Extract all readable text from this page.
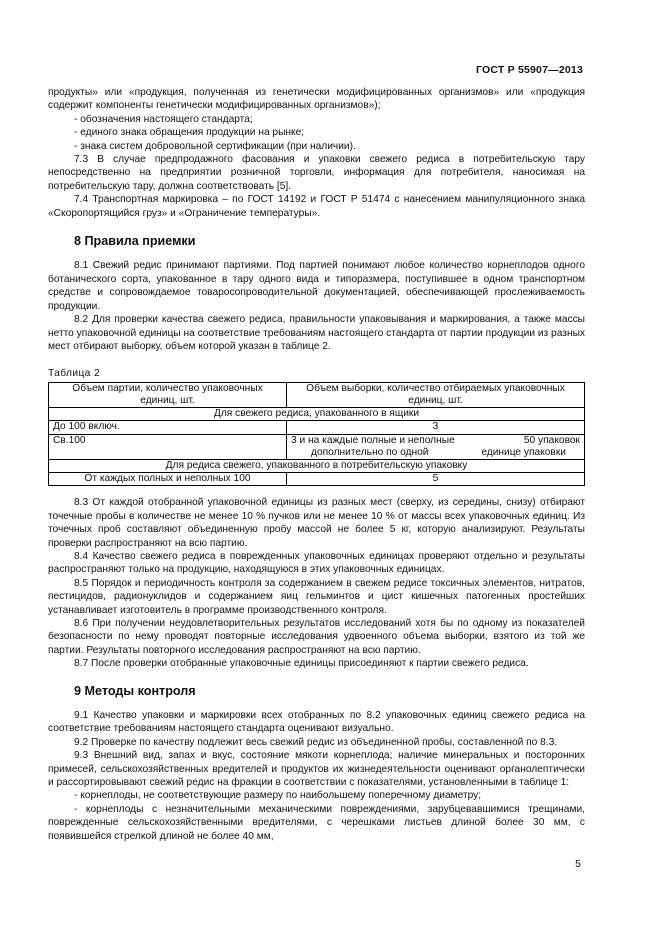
ГОСТ Р 55907—2013

продукты» или «продукция, полученная из генетически модифицированных организмов» или «продукция содержит компоненты генетически модифицированных организмов»);

- обозначения настоящего стандарта;

- единого знака обращения продукции на рынке;

- знака систем добровольной сертификации (при наличии).

7.3 В случае предпродажного фасования и упаковки свежего редиса в потребительскую тару непосредственно на предприятии розничной торговли, информация для потребителя, наносимая на потребительскую тару, должна соответствовать [5].

7.4 Транспортная маркировка – по ГОСТ 14192 и ГОСТ Р 51474 с нанесением манипуляционного знака «Скоропортящийся груз» и «Ограничение температуры».

8 Правила приемки

8.1 Свежий редис принимают партиями. Под партией понимают любое количество корнеплодов одного ботанического сорта, упакованное в тару одного вида и типоразмера, поступившее в одном транспортном средстве и сопровождаемое товаросопроводительной документацией, обеспечивающей прослеживаемость продукции.

8.2 Для проверки качества свежего редиса, правильности упаковывания и маркирования, а также массы нетто упаковочной единицы на соответствие требованиям настоящего стандарта от партии продукции из разных мест отбирают выборку, объем которой указан в таблице 2.

Таблица 2
Объем партии, количество упаковочных единиц, шт.	Объем выборки, количество отбираемых упаковочных единиц, шт.
Для свежего редиса, упакованного в ящики	
До 100 включ.	3
Св.100	3 и на каждые полные и неполные 50 упаковок
дополнительно по одной единице упаковки

Для редиса свежего, упакованного в потребительскую упаковку	
От каждых полных и неполных 100	5

8.3 От каждой отобранной упаковочной единицы из разных мест (сверху, из середины, снизу) отбирают точечные пробы в количестве не менее 10 % пучков или не менее 10 % от массы всех упаковочных единиц. Из точечных проб составляют объединенную пробу массой не более 5 кг, которую анализируют. Результаты проверки распространяют на всю партию.

8.4 Качество свежего редиса в поврежденных упаковочных единицах проверяют отдельно и результаты распространяют только на продукцию, находящуюся в этих упаковочных единицах.

8.5 Порядок и периодичность контроля за содержанием в свежем редисе токсичных элементов, нитратов, пестицидов, радионуклидов и содержанием яиц гельминтов и цист кишечных патогенных простейших устанавливает изготовитель в программе производственного контроля.

8.6 При получении неудовлетворительных результатов исследований хотя бы по одному из показателей безопасности по нему проводят повторные исследования удвоенного объема выборки, взятого из той же партии. Результаты повторного исследования распространяют на всю партию.

8.7 После проверки отобранные упаковочные единицы присоединяют к партии свежего редиса.

9 Методы контроля

9.1 Качество упаковки и маркировки всех отобранных по 8.2 упаковочных единиц свежего редиса на соответствие требованиям настоящего стандарта оценивают визуально.

9.2 Проверке по качеству подлежит весь свежий редис из объединенной пробы, составленной по 8.3.

9.3 Внешний вид, запах и вкус, состояние мякоти корнеплода; наличие минеральных и посторонних примесей, сельскохозяйственных вредителей и продуктов их жизнедеятельности оценивают органолептически и рассортировывают свежий редис на фракции в соответствии с показателями, установленными в таблице 1:

- корнеплоды, не соответствующие размеру по наибольшему поперечному диаметру;

- корнеплоды с незначительными механическими повреждениями, зарубцевавшимися трещинами, поврежденные сельскохозяйственными вредителями, с черешками листьев длиной более 30 мм, с появившейся стрелкой длиной не более 40 мм,

5
